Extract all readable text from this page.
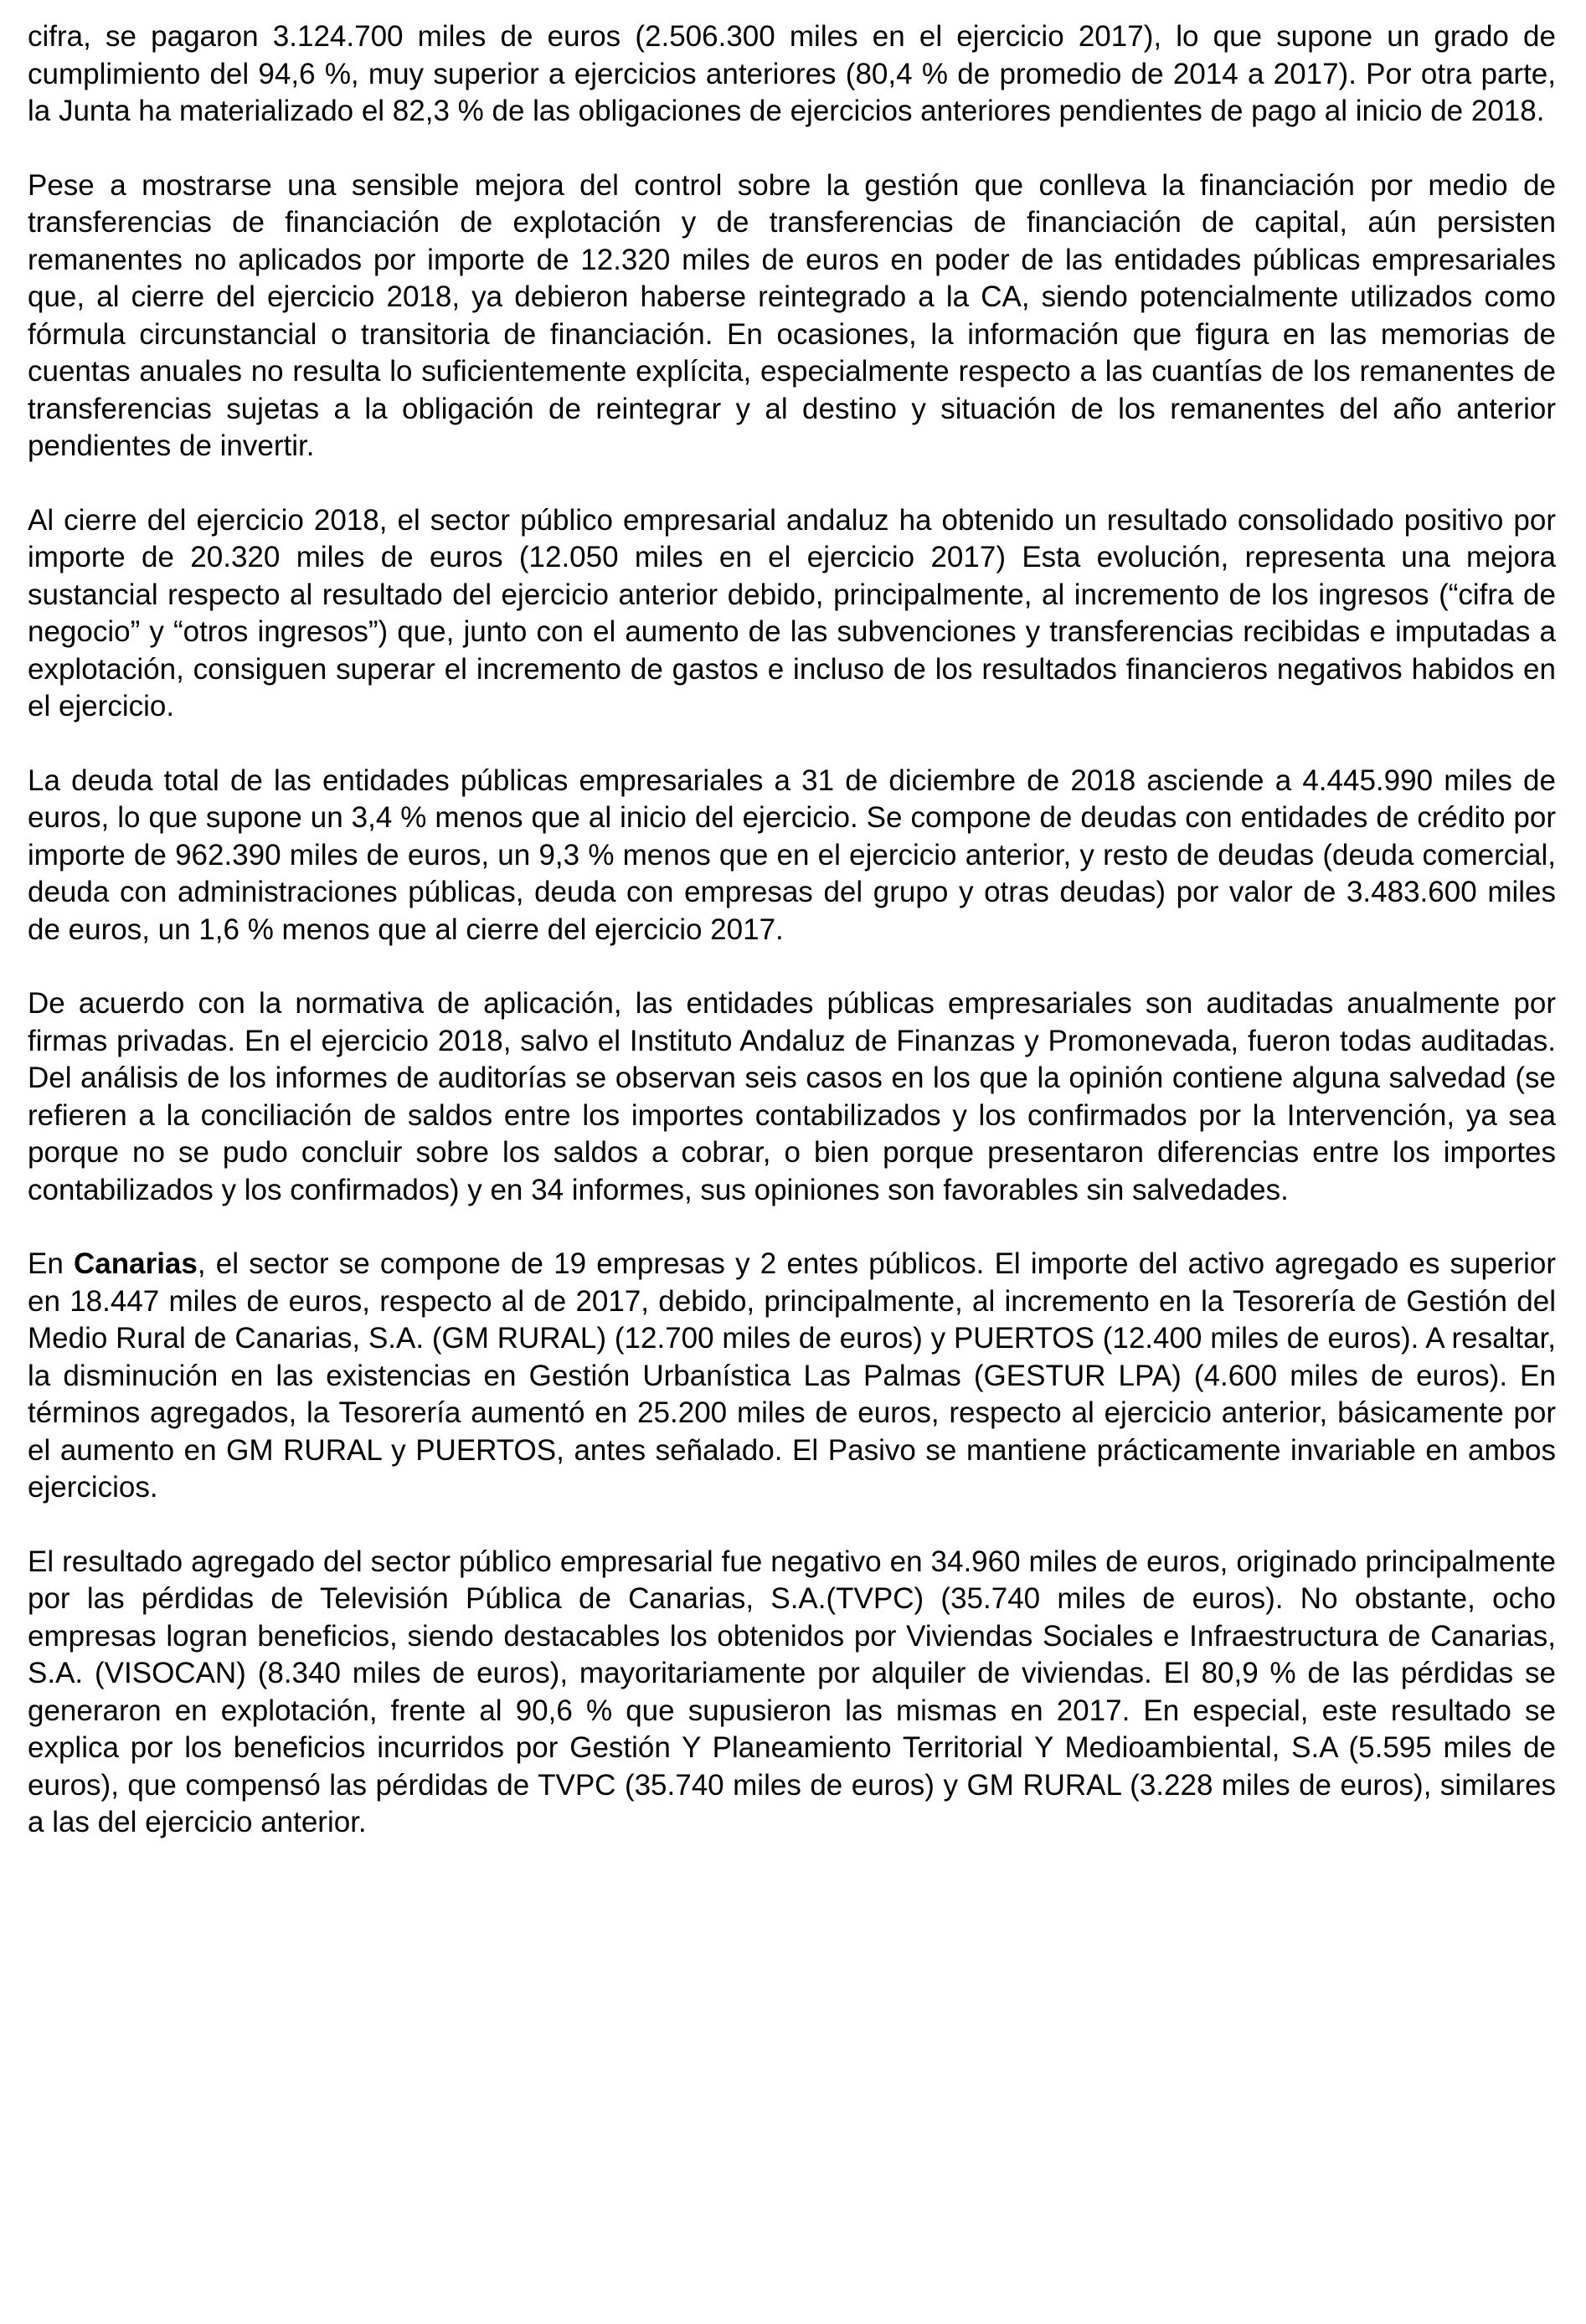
cifra, se pagaron 3.124.700 miles de euros (2.506.300 miles en el ejercicio 2017), lo que supone un grado de cumplimiento del 94,6 %, muy superior a ejercicios anteriores (80,4 % de promedio de 2014 a 2017). Por otra parte, la Junta ha materializado el 82,3 % de las obligaciones de ejercicios anteriores pendientes de pago al inicio de 2018.

Pese a mostrarse una sensible mejora del control sobre la gestión que conlleva la financiación por medio de transferencias de financiación de explotación y de transferencias de financiación de capital, aún persisten remanentes no aplicados por importe de 12.320 miles de euros en poder de las entidades públicas empresariales que, al cierre del ejercicio 2018, ya debieron haberse reintegrado a la CA, siendo potencialmente utilizados como fórmula circunstancial o transitoria de financiación. En ocasiones, la información que figura en las memorias de cuentas anuales no resulta lo suficientemente explícita, especialmente respecto a las cuantías de los remanentes de transferencias sujetas a la obligación de reintegrar y al destino y situación de los remanentes del año anterior pendientes de invertir.

Al cierre del ejercicio 2018, el sector público empresarial andaluz ha obtenido un resultado consolidado positivo por importe de 20.320 miles de euros (12.050 miles en el ejercicio 2017) Esta evolución, representa una mejora sustancial respecto al resultado del ejercicio anterior debido, principalmente, al incremento de los ingresos (“cifra de negocio” y “otros ingresos”) que, junto con el aumento de las subvenciones y transferencias recibidas e imputadas a explotación, consiguen superar el incremento de gastos e incluso de los resultados financieros negativos habidos en el ejercicio.

La deuda total de las entidades públicas empresariales a 31 de diciembre de 2018 asciende a 4.445.990 miles de euros, lo que supone un 3,4 % menos que al inicio del ejercicio. Se compone de deudas con entidades de crédito por importe de 962.390 miles de euros, un 9,3 % menos que en el ejercicio anterior, y resto de deudas (deuda comercial, deuda con administraciones públicas, deuda con empresas del grupo y otras deudas) por valor de 3.483.600 miles de euros, un 1,6 % menos que al cierre del ejercicio 2017.

De acuerdo con la normativa de aplicación, las entidades públicas empresariales son auditadas anualmente por firmas privadas. En el ejercicio 2018, salvo el Instituto Andaluz de Finanzas y Promonevada, fueron todas auditadas. Del análisis de los informes de auditorías se observan seis casos en los que la opinión contiene alguna salvedad (se refieren a la conciliación de saldos entre los importes contabilizados y los confirmados por la Intervención, ya sea porque no se pudo concluir sobre los saldos a cobrar, o bien porque presentaron diferencias entre los importes contabilizados y los confirmados) y en 34 informes, sus opiniones son favorables sin salvedades.

En Canarias, el sector se compone de 19 empresas y 2 entes públicos. El importe del activo agregado es superior en 18.447 miles de euros, respecto al de 2017, debido, principalmente, al incremento en la Tesorería de Gestión del Medio Rural de Canarias, S.A. (GM RURAL) (12.700 miles de euros) y PUERTOS (12.400 miles de euros). A resaltar, la disminución en las existencias en Gestión Urbanística Las Palmas (GESTUR LPA) (4.600 miles de euros). En términos agregados, la Tesorería aumentó en 25.200 miles de euros, respecto al ejercicio anterior, básicamente por el aumento en GM RURAL y PUERTOS, antes señalado. El Pasivo se mantiene prácticamente invariable en ambos ejercicios.

El resultado agregado del sector público empresarial fue negativo en 34.960 miles de euros, originado principalmente por las pérdidas de Televisión Pública de Canarias, S.A.(TVPC) (35.740 miles de euros). No obstante, ocho empresas logran beneficios, siendo destacables los obtenidos por Viviendas Sociales e Infraestructura de Canarias, S.A. (VISOCAN) (8.340 miles de euros), mayoritariamente por alquiler de viviendas. El 80,9 % de las pérdidas se generaron en explotación, frente al 90,6 % que supusieron las mismas en 2017. En especial, este resultado se explica por los beneficios incurridos por Gestión Y Planeamiento Territorial Y Medioambiental, S.A (5.595 miles de euros), que compensó las pérdidas de TVPC (35.740 miles de euros) y GM RURAL (3.228 miles de euros), similares a las del ejercicio anterior.
